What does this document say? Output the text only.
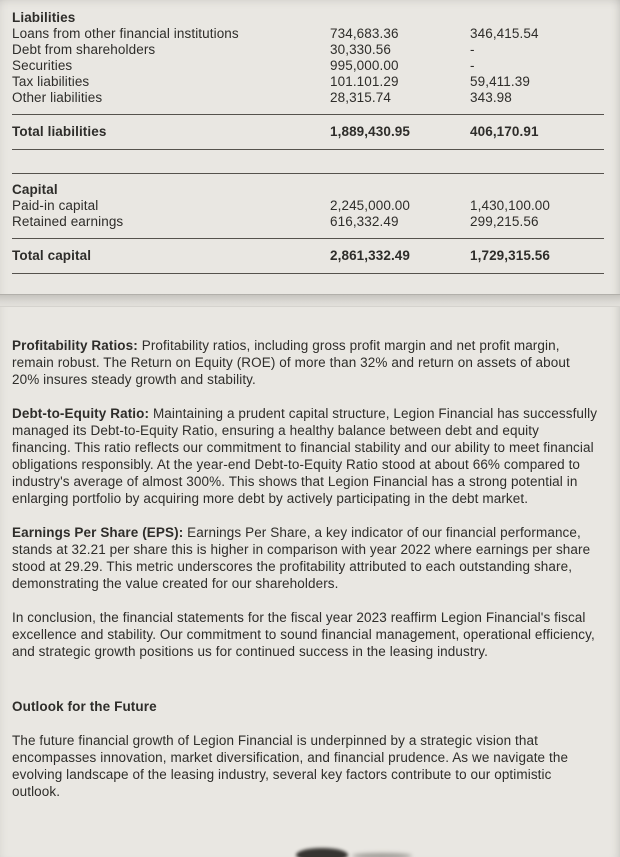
Liabilities
Loans from other financial institutions	734,683.36	346,415.54
Debt from shareholders	30,330.56	-
Securities	995,000.00	-
Tax liabilities	101.101.29	59,411.39
Other liabilities	28,315.74	343.98
Total liabilities	1,889,430.95	406,170.91
Capital
Paid-in capital	2,245,000.00	1,430,100.00
Retained earnings	616,332.49	299,215.56
Total capital	2,861,332.49	1,729,315.56

Profitability Ratios: Profitability ratios, including gross profit margin and net profit margin, remain robust. The Return on Equity (ROE) of more than 32% and return on assets of about 20% insures steady growth and stability.

Debt-to-Equity Ratio: Maintaining a prudent capital structure, Legion Financial has successfully managed its Debt-to-Equity Ratio, ensuring a healthy balance between debt and equity financing. This ratio reflects our commitment to financial stability and our ability to meet financial obligations responsibly. At the year-end Debt-to-Equity Ratio stood at about 66% compared to industry's average of almost 300%. This shows that Legion Financial has a strong potential in enlarging portfolio by acquiring more debt by actively participating in the debt market.

Earnings Per Share (EPS): Earnings Per Share, a key indicator of our financial performance, stands at 32.21 per share this is higher in comparison with year 2022 where earnings per share stood at 29.29. This metric underscores the profitability attributed to each outstanding share, demonstrating the value created for our shareholders.

In conclusion, the financial statements for the fiscal year 2023 reaffirm Legion Financial's fiscal excellence and stability. Our commitment to sound financial management, operational efficiency, and strategic growth positions us for continued success in the leasing industry.

Outlook for the Future

The future financial growth of Legion Financial is underpinned by a strategic vision that encompasses innovation, market diversification, and financial prudence. As we navigate the evolving landscape of the leasing industry, several key factors contribute to our optimistic outlook.
